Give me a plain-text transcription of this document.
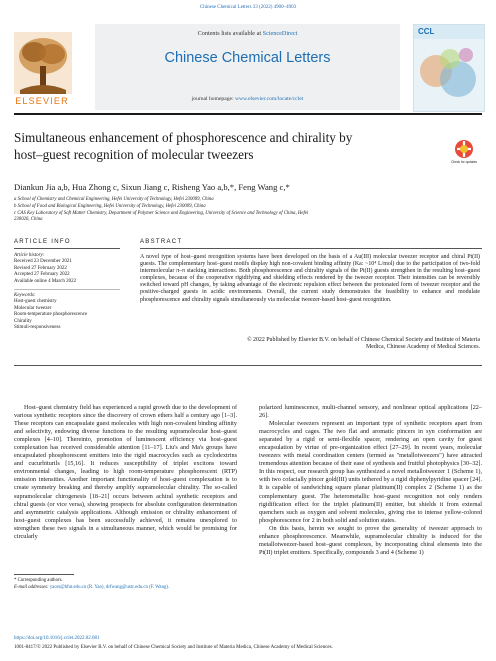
Chinese Chemical Letters 33 (2022) 4900–4903
ELSEVIER
Contents lists available at ScienceDirect
Chinese Chemical Letters
journal homepage: www.elsevier.com/locate/cclet
CCL
Simultaneous enhancement of phosphorescence and chirality by
host–guest recognition of molecular tweezers
Check for updates
Diankun Jia a,b, Hua Zhong c, Sixun Jiang c, Risheng Yao a,b,*, Feng Wang c,*
a School of Chemistry and Chemical Engineering, Hefei University of Technology, Hefei 230009, China
b School of Food and Biological Engineering, Hefei University of Technology, Hefei 230009, China
c CAS Key Laboratory of Soft Matter Chemistry, Department of Polymer Science and Engineering, University of Science and Technology of China, Hefei
230026, China
ARTICLE INFO	ABSTRACT
Article history:
Received 23 December 2021
Revised 27 February 2022
Accepted 27 February 2022
Available online 4 March 2022
Keywords:
Host-guest chemistry
Molecular tweezer
Room-temperature phosphorescence
Chirality
Stimuli-responsiveness
A novel type of host–guest recognition systems have been developed on the basis of a Au(III) molecular tweezer receptor and chiral Pt(II) guests. The complementary host–guest motifs display high non-covalent binding affinity (Ka: ~10⁴ L/mol) due to the participation of two-fold intermolecular π–π stacking interactions. Both phosphorescence and chirality signals of the Pt(II) guests strengthen in the resulting host–guest complexes, because of the cooperative rigidifying and shielding effects rendered by the tweezer receptor. Their intensities can be reversibly switched toward pH changes, by taking advantage of the electronic repulsion effect between the protonated form of tweezer receptor and the positive-charged guests in acidic environments. Overall, the current study demonstrates the feasibility to enhance and modulate phosphorescence and chirality signals simultaneously via molecular tweezer-based host–guest recognition.
© 2022 Published by Elsevier B.V. on behalf of Chinese Chemical Society and Institute of Materia
Medica, Chinese Academy of Medical Sciences.
Host–guest chemistry field has experienced a rapid growth due to the development of various synthetic receptors since the discovery of crown ethers half a century ago [1–3]. These receptors can encapsulate guest molecules with high non-covalent binding affinity and selectivity, endowing diverse functions to the resulting supramolecular host–guest complexes [4–10]. Thereinto, promotion of luminescent efficiency via host–guest complexation has received considerable attention [11–17]. Liu's and Ma's groups have encapsulated phosphorescent emitters into the rigid macrocycles such as cyclodextrins and cucurbiturils [15,16]. It reduces susceptibility of triplet excitons toward environmental changes, leading to high room-temperature phosphorescent (RTP) emission intensities. Another important functionality of host–guest complexation is to create symmetry breaking and thereby amplify supramolecular chirality. The so-called supramolecular chirogenesis [18–21] occurs between achiral synthetic receptors and chiral guests (or vice versa), showing prospects for absolute configuration determination and asymmetric catalysis applications. Although emission or chirality enhancement of host–guest complexes has been successfully achieved, it remains unexplored to strengthen these two signals in a simultaneous manner, which would be promising for circularly
polarized luminescence, multi-channel sensory, and nonlinear optical applications [22–26].
Molecular tweezers represent an important type of synthetic receptors apart from macrocycles and cages. The two flat and aromatic pincers in syn conformation are separated by a rigid or semi-flexible spacer, rendering an open cavity for guest encapsulation by virtue of pre-organization effect [27–29]. In recent years, molecular tweezers with metal coordination centers (termed as "metallotweezers") have attracted tremendous attention because of their ease of synthesis and fruitful photophysics [30–32]. In this respect, our research group has synthesized a novel metallotweezer 1 (Scheme 1), with two cofacially pincer gold(III) units tethered by a rigid diphenylpyridine spacer [24]. It is capable of sandwiching square planar platinum(II) complex 2 (Scheme 1) as the complementary guest. The heterometallic host–guest recognition not only renders rigidification effect for the triplet platinum(II) emitter, but shields it from external quenchers such as oxygen and solvent molecules, giving rise to intense yellow-colored phosphorescence for 2 in both solid and solution states.
On this basis, herein we sought to prove the generality of tweezer approach to enhance phosphorescence. Meanwhile, supramolecular chirality is induced for the metallotweezer-based host–guest complexes, by incorporating chiral elements into the Pt(II) triplet emitters. Specifically, compounds 3 and 4 (Scheme 1)
* Corresponding authors.
E-mail addresses: yaors@hfut.edu.cn (R. Yao), drfwang@ustc.edu.cn (F. Wang).
https://doi.org/10.1016/j.cclet.2022.02.081
1001-8417/© 2022 Published by Elsevier B.V. on behalf of Chinese Chemical Society and Institute of Materia Medica, Chinese Academy of Medical Sciences.
